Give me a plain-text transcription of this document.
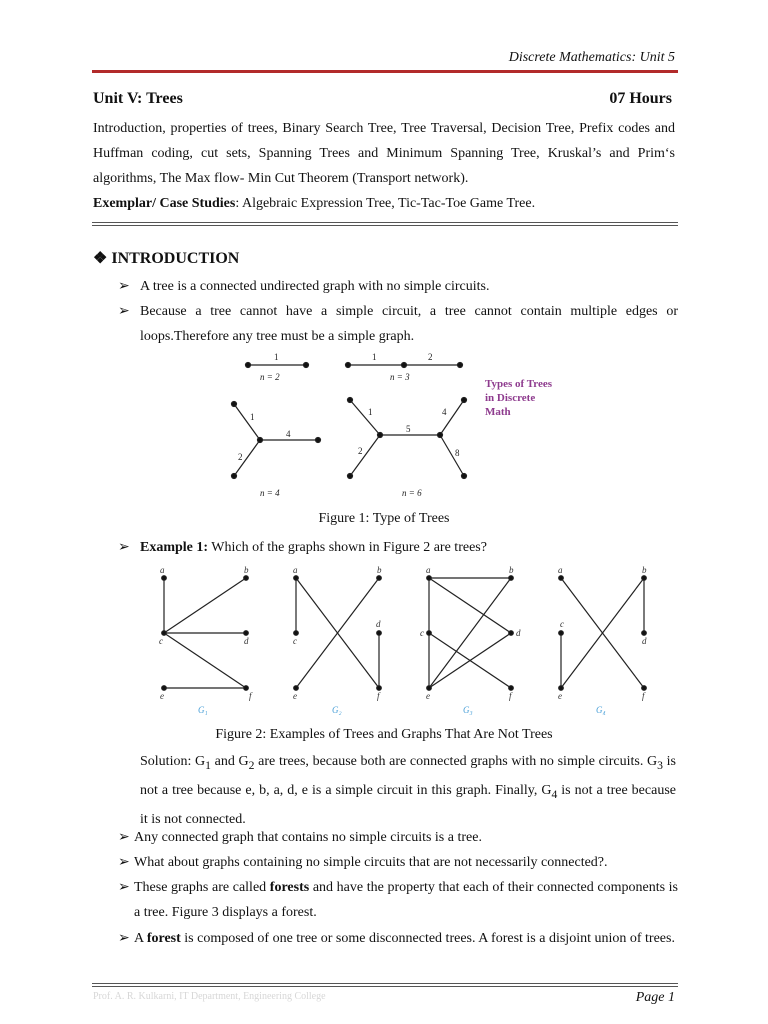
Discrete Mathematics: Unit 5
Unit V: Trees	07 Hours
Introduction, properties of trees, Binary Search Tree, Tree Traversal, Decision Tree, Prefix codes and Huffman coding, cut sets, Spanning Trees and Minimum Spanning Tree, Kruskal’s and Prim‘s algorithms, The Max flow- Min Cut Theorem (Transport network).
Exemplar/ Case Studies: Algebraic Expression Tree, Tic-Tac-Toe Game Tree.
❖ INTRODUCTION
➢ A tree is a connected undirected graph with no simple circuits.
➢ Because a tree cannot have a simple circuit, a tree cannot contain multiple edges or loops.Therefore any tree must be a simple graph.
1
n = 2
1	2
n = 3
1
2
4
n = 4
1
2
5
4
8
n = 6
Types of Trees
in Discrete
Math
Figure 1: Type of Trees
➢ Example 1: Which of the graphs shown in Figure 2 are trees?
a	b
c	d
e	f
a	b
c
d
e	f
a	b
c	d
e	f
a	b
c
d
e	f
G₁	G₂	G₃	G₄
Figure 2: Examples of Trees and Graphs That Are Not Trees
Solution: $G_1$ and $G_2$ are trees, because both are connected graphs with no simple circuits. $G_3$ is not a tree because e, b, a, d, e is a simple circuit in this graph. Finally, $G_4$ is not a tree because it is not connected.
➢ Any connected graph that contains no simple circuits is a tree.
➢ What about graphs containing no simple circuits that are not necessarily connected?.
➢ These graphs are called forests and have the property that each of their connected components is a tree. Figure 3 displays a forest.
➢ A forest is composed of one tree or some disconnected trees. A forest is a disjoint union of trees.
Prof. A. R. Kulkarni, IT Department, Engineering College	Page 1
